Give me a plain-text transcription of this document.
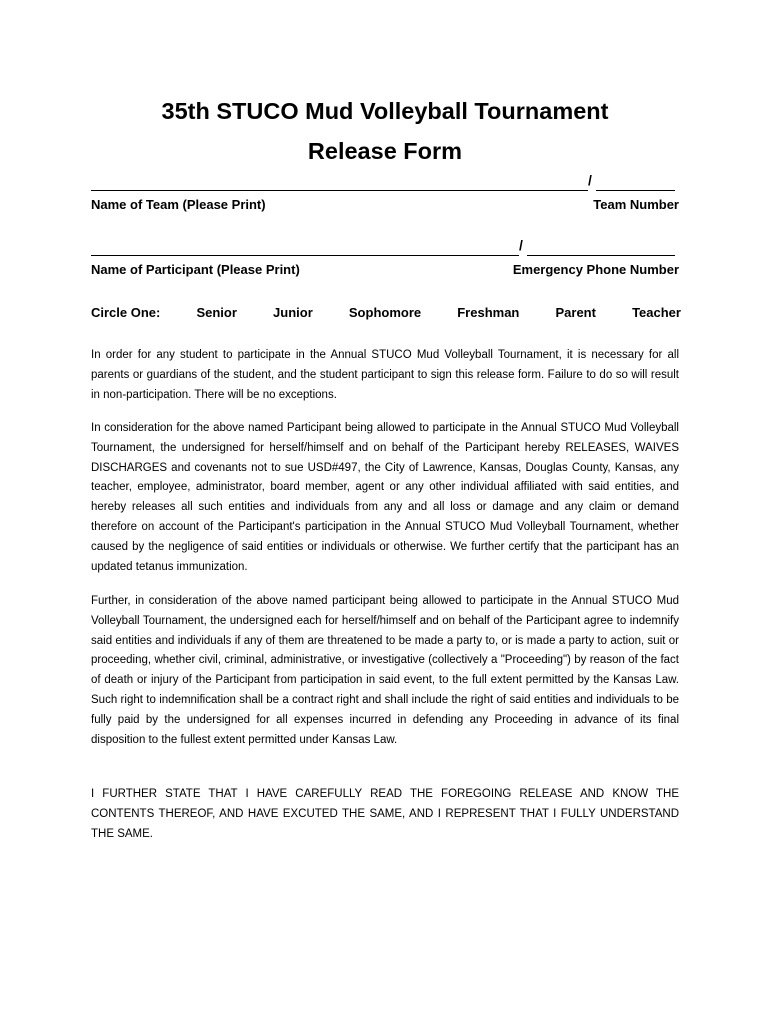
35th STUCO Mud Volleyball Tournament
Release Form
/
Name of Team (Please Print)	Team Number
/
Name of Participant (Please Print)	Emergency Phone Number
Circle One:	Senior	Junior	Sophomore	Freshman	Parent	Teacher
In order for any student to participate in the Annual STUCO Mud Volleyball Tournament, it is necessary for all parents or guardians of the student, and the student participant to sign this release form. Failure to do so will result in non-participation. There will be no exceptions.
In consideration for the above named Participant being allowed to participate in the Annual STUCO Mud Volleyball Tournament, the undersigned for herself/himself and on behalf of the Participant hereby RELEASES, WAIVES DISCHARGES and covenants not to sue USD#497, the City of Lawrence, Kansas, Douglas County, Kansas, any teacher, employee, administrator, board member, agent or any other individual affiliated with said entities, and hereby releases all such entities and individuals from any and all loss or damage and any claim or demand therefore on account of the Participant's participation in the Annual STUCO Mud Volleyball Tournament, whether caused by the negligence of said entities or individuals or otherwise. We further certify that the participant has an updated tetanus immunization.
Further, in consideration of the above named participant being allowed to participate in the Annual STUCO Mud Volleyball Tournament, the undersigned each for herself/himself and on behalf of the Participant agree to indemnify said entities and individuals if any of them are threatened to be made a party to, or is made a party to action, suit or proceeding, whether civil, criminal, administrative, or investigative (collectively a "Proceeding") by reason of the fact of death or injury of the Participant from participation in said event, to the full extent permitted by the Kansas Law. Such right to indemnification shall be a contract right and shall include the right of said entities and individuals to be fully paid by the undersigned for all expenses incurred in defending any Proceeding in advance of its final disposition to the fullest extent permitted under Kansas Law.
I FURTHER STATE THAT I HAVE CAREFULLY READ THE FOREGOING RELEASE AND KNOW THE CONTENTS THEREOF, AND HAVE EXCUTED THE SAME, AND I REPRESENT THAT I FULLY UNDERSTAND THE SAME.
